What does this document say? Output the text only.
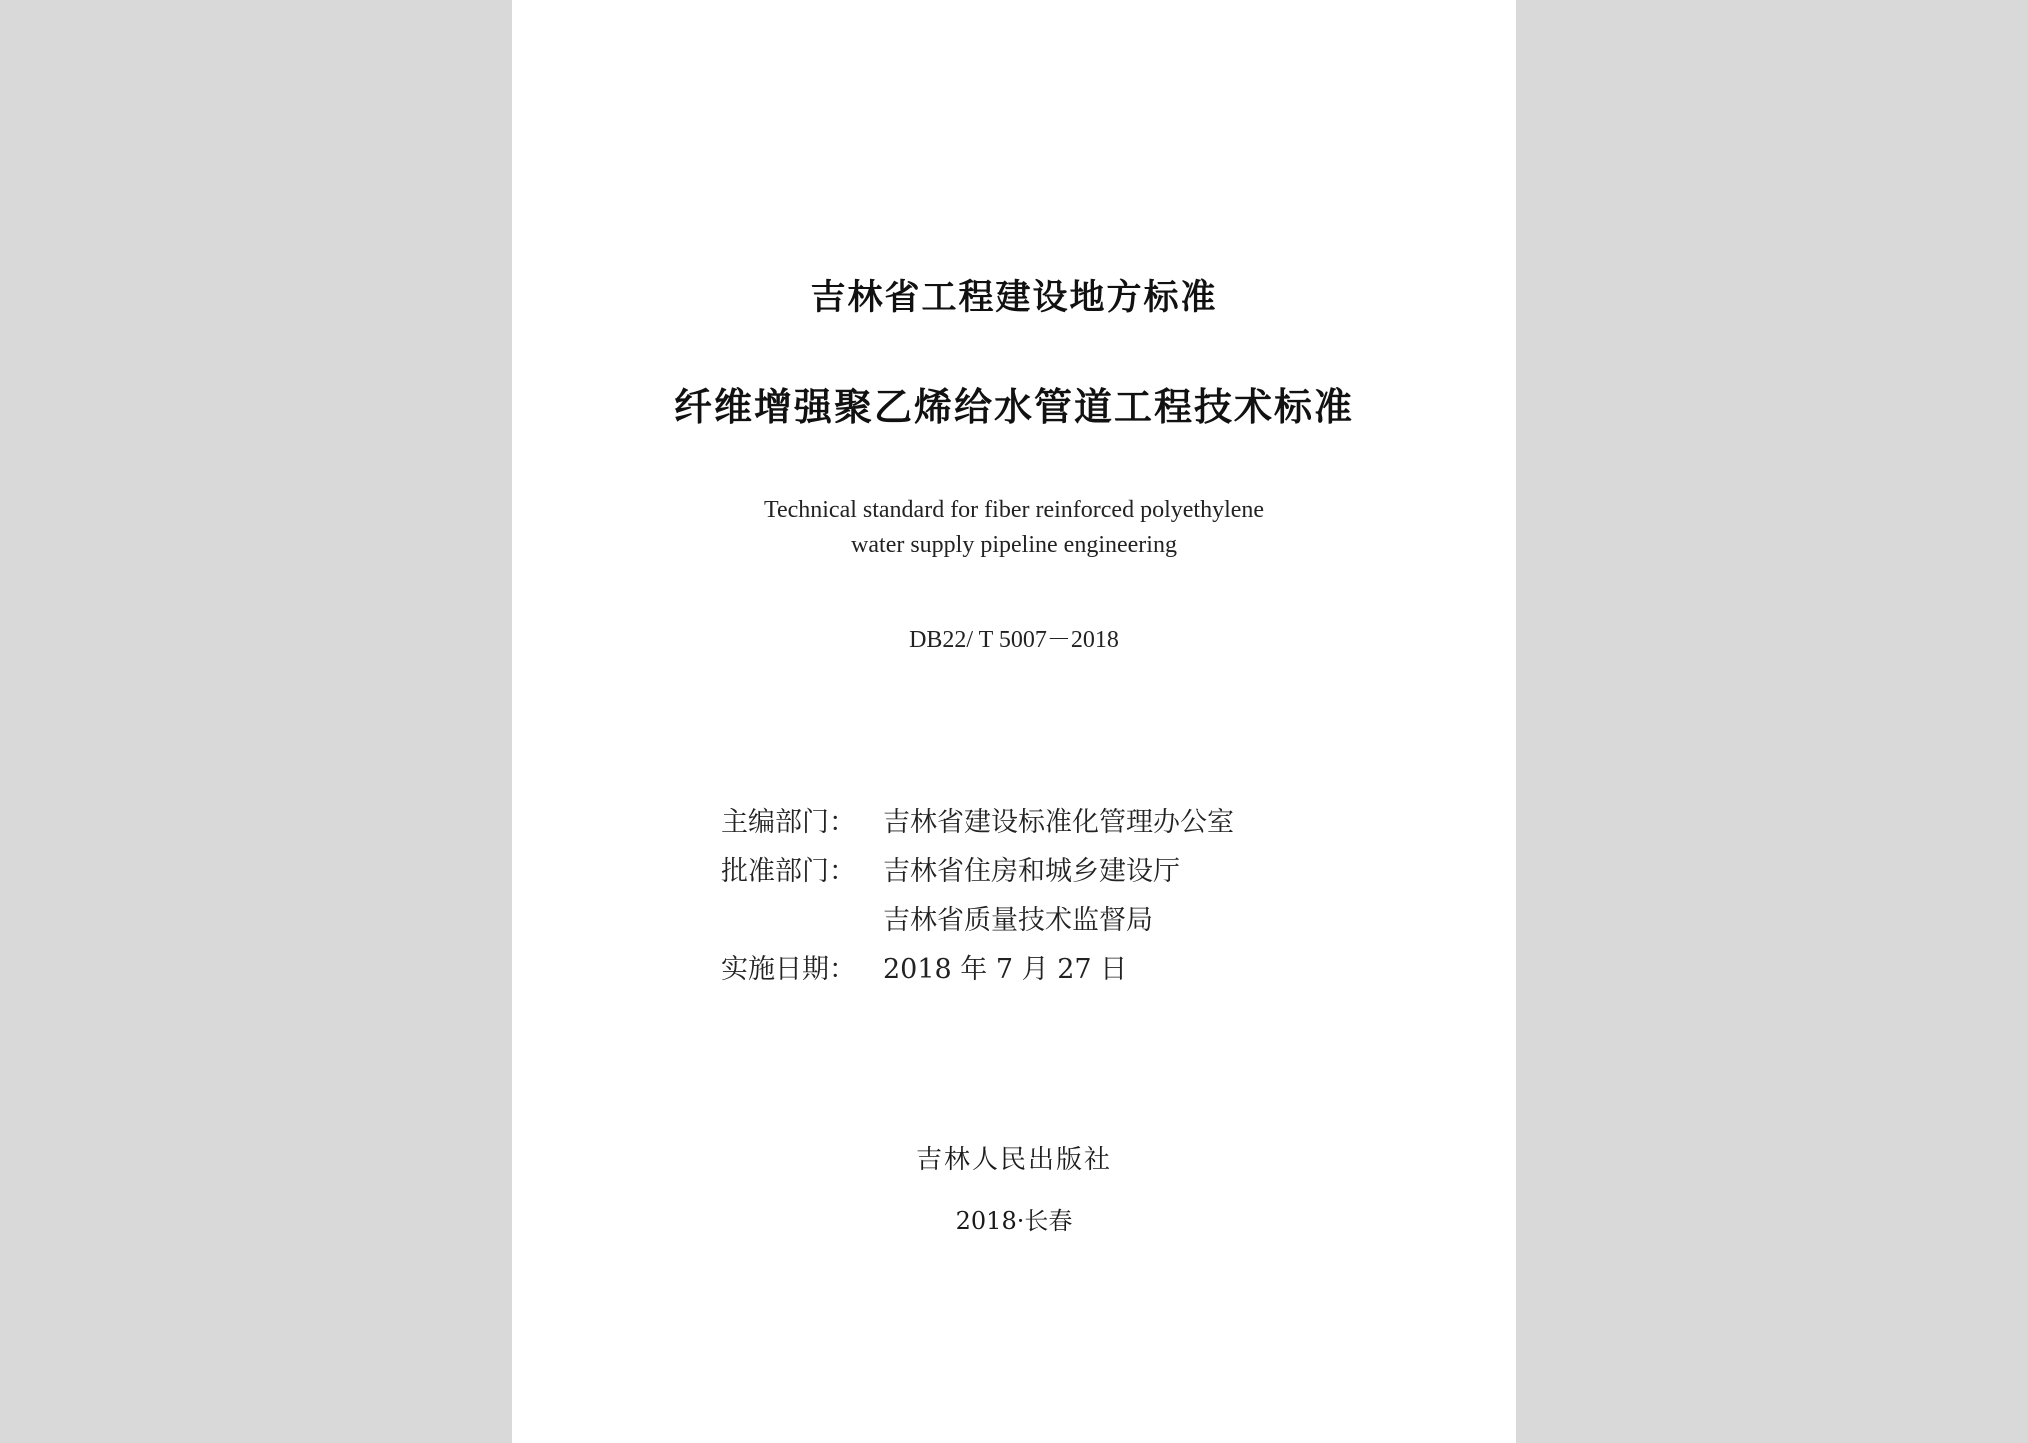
吉林省工程建设地方标准
纤维增强聚乙烯给水管道工程技术标准
Technical standard for fiber reinforced polyethylene
water supply pipeline engineering
DB22/ T 5007－2018
主编部门： 吉林省建设标准化管理办公室
批准部门： 吉林省住房和城乡建设厅
吉林省质量技术监督局
实施日期： 2018 年 7 月 27 日
吉林人民出版社
2018·长春
